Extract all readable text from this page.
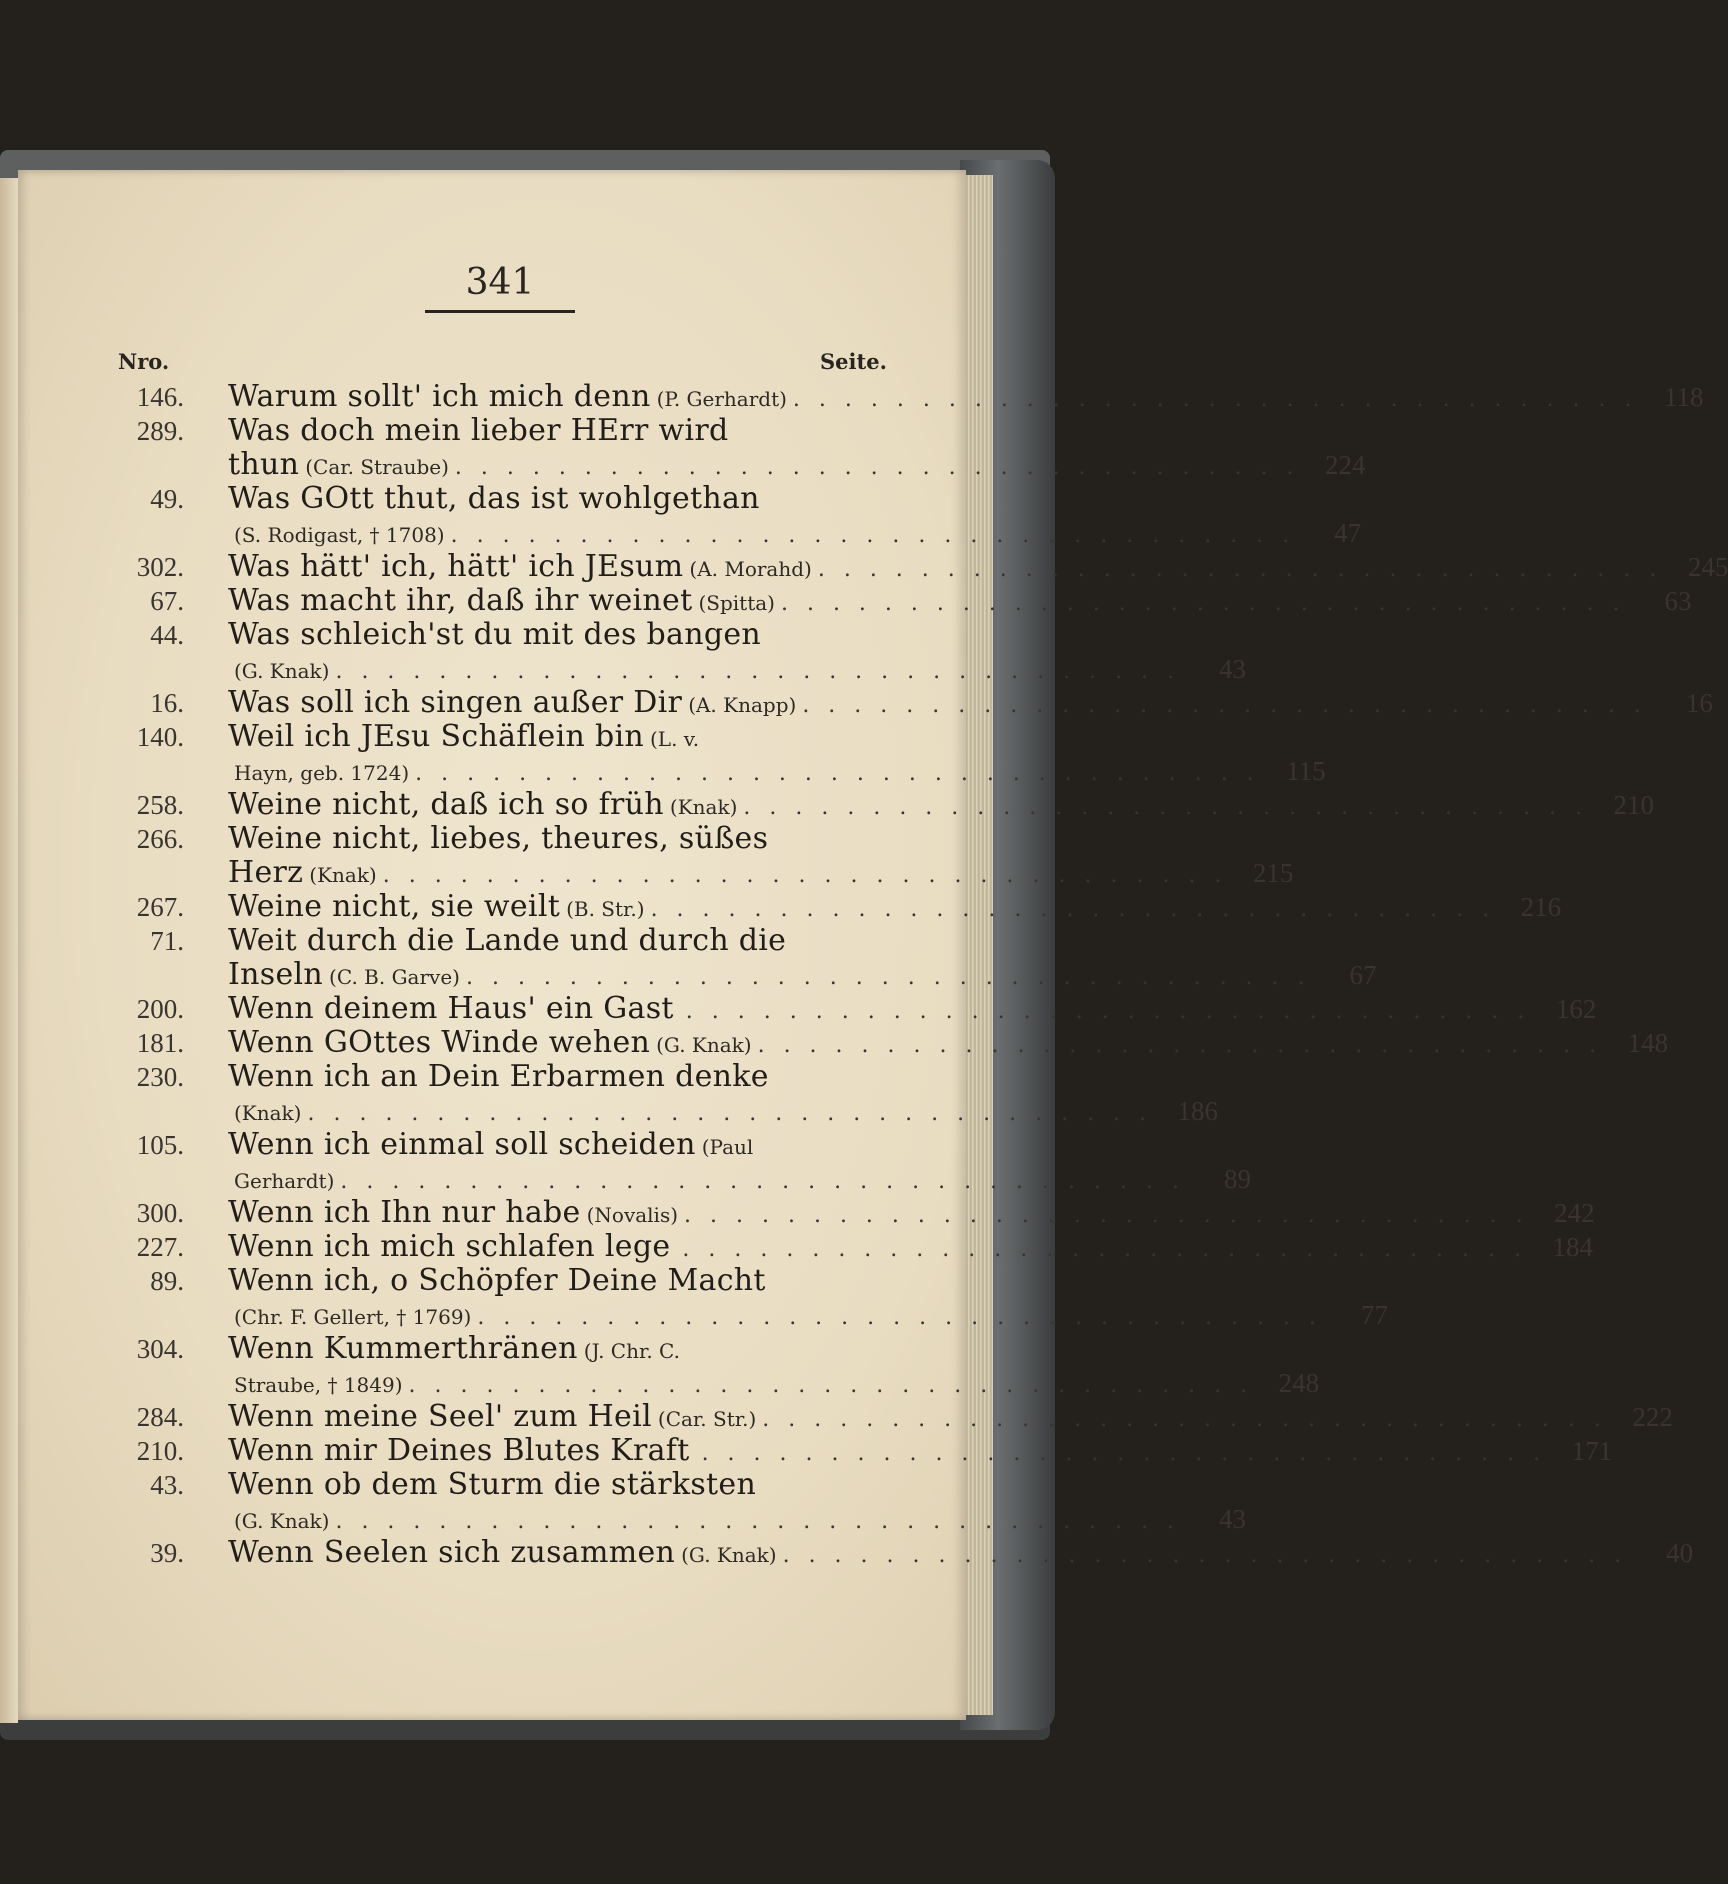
341
Nro.	Seite.
146. Warum sollt' ich mich denn (P. Gerhardt) . . . . . . . . . . . . . . . . . . . . . . . . . . . . . . . . . 118
289. Was doch mein lieber HErr wird
thun (Car. Straube) . . . . . . . . . . . . . . . . . . . . . . . . . . . . . . . . . 224
49. Was GOtt thut, das ist wohlgethan
(S. Rodigast, † 1708) . . . . . . . . . . . . . . . . . . . . . . . . . . . . . . . . .	47
302. Was hätt' ich, hätt' ich JEsum (A. Morahd) . . . . . . . . . . . . . . . . . . . . . . . . . . . . . . . . . 245
67. Was macht ihr, daß ihr weinet (Spitta) . . . . . . . . . . . . . . . . . . . . . . . . . . . . . . . . .	63
44. Was schleich'st du mit des bangen
(G. Knak) . . . . . . . . . . . . . . . . . . . . . . . . . . . . . . . . .	43
16. Was soll ich singen außer Dir (A. Knapp) . . . . . . . . . . . . . . . . . . . . . . . . . . . . . . . . .	16
140. Weil ich JEsu Schäflein bin (L. v.
Hayn, geb. 1724) . . . . . . . . . . . . . . . . . . . . . . . . . . . . . . . . . 115
258. Weine nicht, daß ich so früh (Knak) . . . . . . . . . . . . . . . . . . . . . . . . . . . . . . . . . 210
266. Weine nicht, liebes, theures, süßes
Herz (Knak) . . . . . . . . . . . . . . . . . . . . . . . . . . . . . . . . . 215
267. Weine nicht, sie weilt (B. Str.) . . . . . . . . . . . . . . . . . . . . . . . . . . . . . . . . . 216
71. Weit durch die Lande und durch die
Inseln (C. B. Garve) . . . . . . . . . . . . . . . . . . . . . . . . . . . . . . . . .	67
200. Wenn deinem Haus' ein Gast . . . . . . . . . . . . . . . . . . . . . . . . . . . . . . . . . 162
181. Wenn GOttes Winde wehen (G. Knak) . . . . . . . . . . . . . . . . . . . . . . . . . . . . . . . . . 148
230. Wenn ich an Dein Erbarmen denke
(Knak) . . . . . . . . . . . . . . . . . . . . . . . . . . . . . . . . . 186
105. Wenn ich einmal soll scheiden (Paul
Gerhardt) . . . . . . . . . . . . . . . . . . . . . . . . . . . . . . . . .	89
300. Wenn ich Ihn nur habe (Novalis) . . . . . . . . . . . . . . . . . . . . . . . . . . . . . . . . . 242
227. Wenn ich mich schlafen lege . . . . . . . . . . . . . . . . . . . . . . . . . . . . . . . . . 184
89. Wenn ich, o Schöpfer Deine Macht
(Chr. F. Gellert, † 1769) . . . . . . . . . . . . . . . . . . . . . . . . . . . . . . . . .	77
304. Wenn Kummerthränen (J. Chr. C.
Straube, † 1849) . . . . . . . . . . . . . . . . . . . . . . . . . . . . . . . . . 248
284. Wenn meine Seel' zum Heil (Car. Str.) . . . . . . . . . . . . . . . . . . . . . . . . . . . . . . . . . 222
210. Wenn mir Deines Blutes Kraft . . . . . . . . . . . . . . . . . . . . . . . . . . . . . . . . . 171
43. Wenn ob dem Sturm die stärksten
(G. Knak) . . . . . . . . . . . . . . . . . . . . . . . . . . . . . . . . .	43
39. Wenn Seelen sich zusammen (G. Knak) . . . . . . . . . . . . . . . . . . . . . . . . . . . . . . . . .	40
